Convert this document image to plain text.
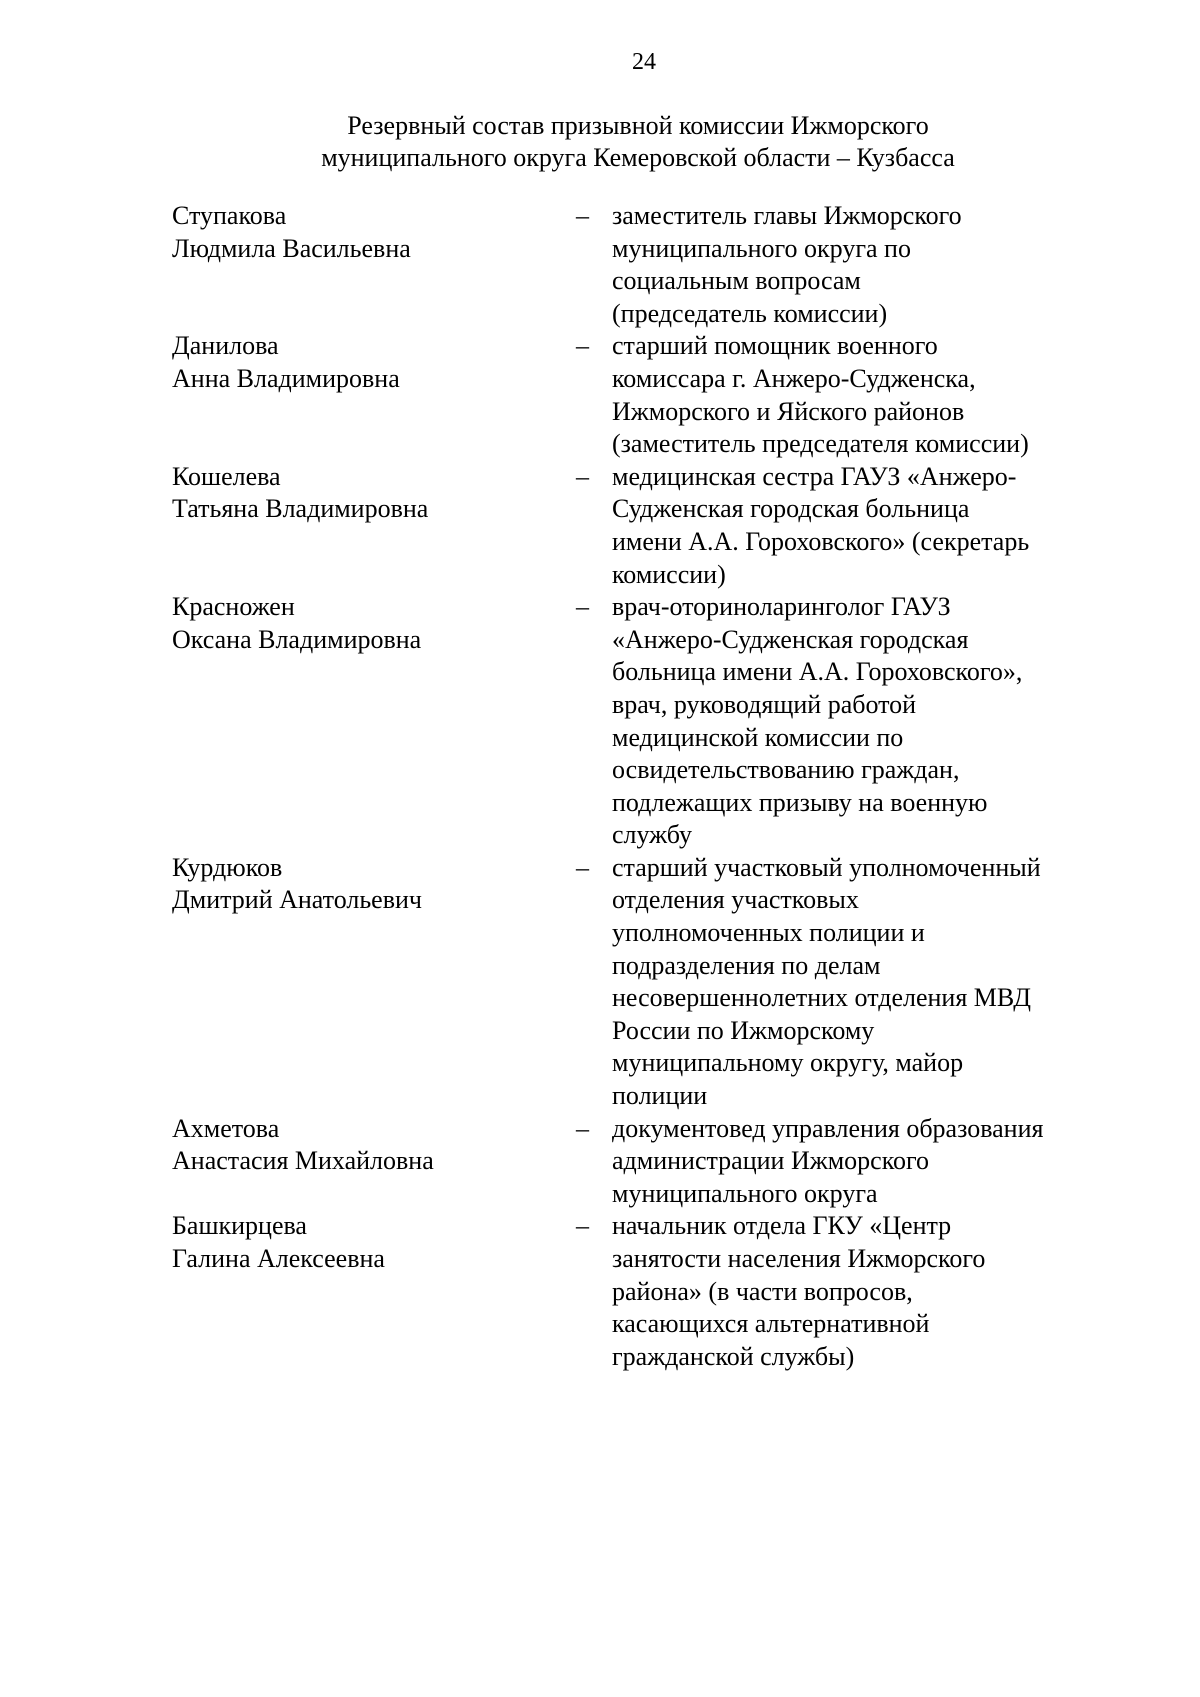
24
Резервный состав призывной комиссии Ижморского
муниципального округа Кемеровской области – Кузбасса
Ступакова
Людмила Васильевна
– заместитель главы Ижморского
муниципального округа по
социальным вопросам
(председатель комиссии)
Данилова
Анна Владимировна
– старший помощник военного
комиссара г. Анжеро-Судженска,
Ижморского и Яйского районов
(заместитель председателя комиссии)
Кошелева
Татьяна Владимировна
– медицинская сестра ГАУЗ «Анжеро-
Судженская городская больница
имени А.А. Гороховского» (секретарь
комиссии)
Красножен
Оксана Владимировна
– врач-оториноларинголог ГАУЗ
«Анжеро-Судженская городская
больница имени А.А. Гороховского»,
врач, руководящий работой
медицинской комиссии по
освидетельствованию граждан,
подлежащих призыву на военную
службу
Курдюков
Дмитрий Анатольевич
– старший участковый уполномоченный
отделения участковых
уполномоченных полиции и
подразделения по делам
несовершеннолетних отделения МВД
России по Ижморскому
муниципальному округу, майор
полиции
Ахметова
Анастасия Михайловна
– документовед управления образования
администрации Ижморского
муниципального округа
Башкирцева
Галина Алексеевна
– начальник отдела ГКУ «Центр
занятости населения Ижморского
района» (в части вопросов,
касающихся альтернативной
гражданской службы)
